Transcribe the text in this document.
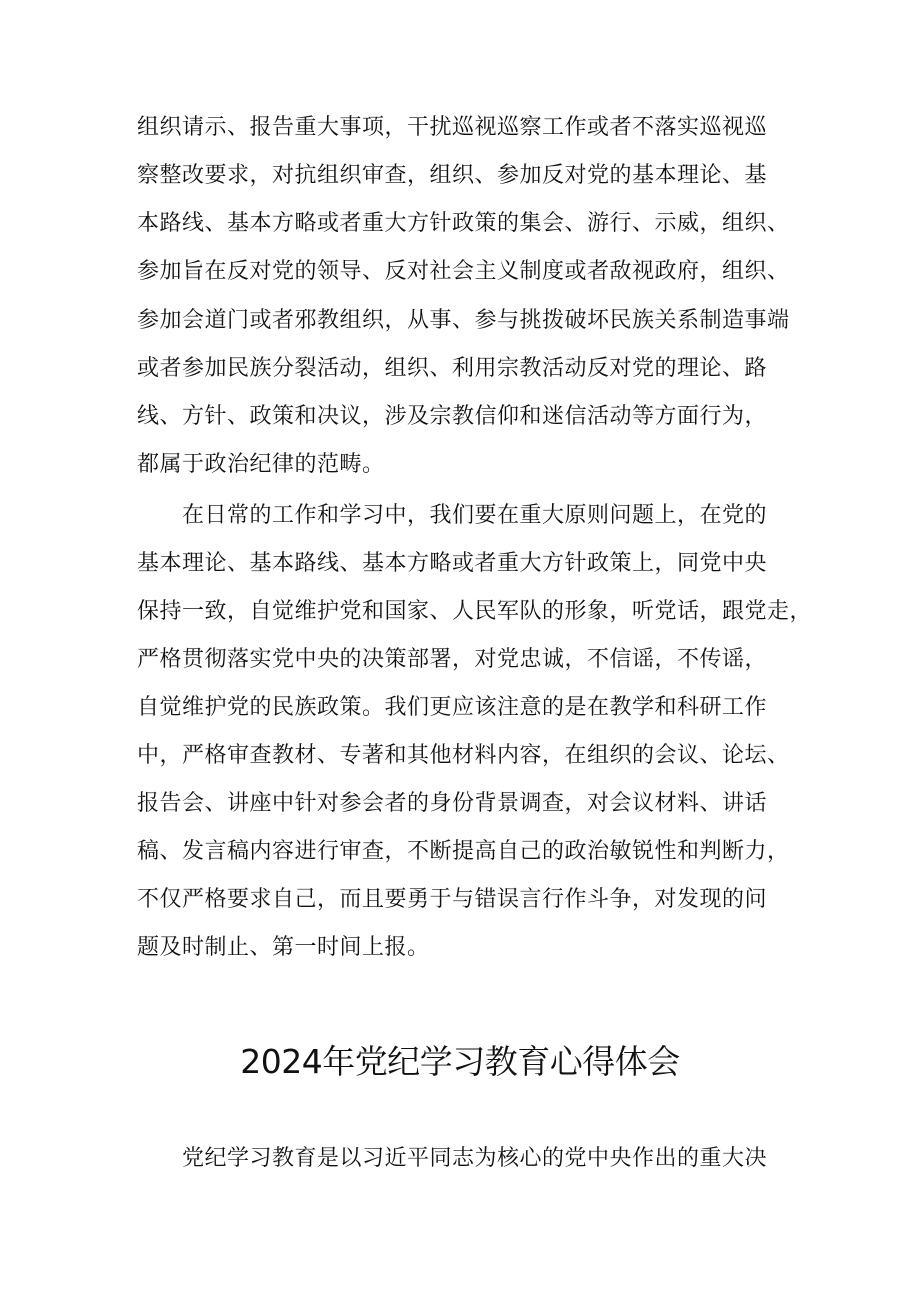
组织请示、报告重大事项，干扰巡视巡察工作或者不落实巡视巡
察整改要求，对抗组织审查，组织、参加反对党的基本理论、基
本路线、基本方略或者重大方针政策的集会、游行、示威，组织、
参加旨在反对党的领导、反对社会主义制度或者敌视政府，组织、
参加会道门或者邪教组织，从事、参与挑拨破坏民族关系制造事端
或者参加民族分裂活动，组织、利用宗教活动反对党的理论、路
线、方针、政策和决议，涉及宗教信仰和迷信活动等方面行为，
都属于政治纪律的范畴。
在日常的工作和学习中，我们要在重大原则问题上，在党的
基本理论、基本路线、基本方略或者重大方针政策上，同党中央
保持一致，自觉维护党和国家、人民军队的形象，听党话，跟党走，
严格贯彻落实党中央的决策部署，对党忠诚，不信谣，不传谣，
自觉维护党的民族政策。我们更应该注意的是在教学和科研工作
中，严格审查教材、专著和其他材料内容，在组织的会议、论坛、
报告会、讲座中针对参会者的身份背景调查，对会议材料、讲话
稿、发言稿内容进行审查，不断提高自己的政治敏锐性和判断力，
不仅严格要求自己，而且要勇于与错误言行作斗争，对发现的问
题及时制止、第一时间上报。
2024年党纪学习教育心得体会
党纪学习教育是以习近平同志为核心的党中央作出的重大决
